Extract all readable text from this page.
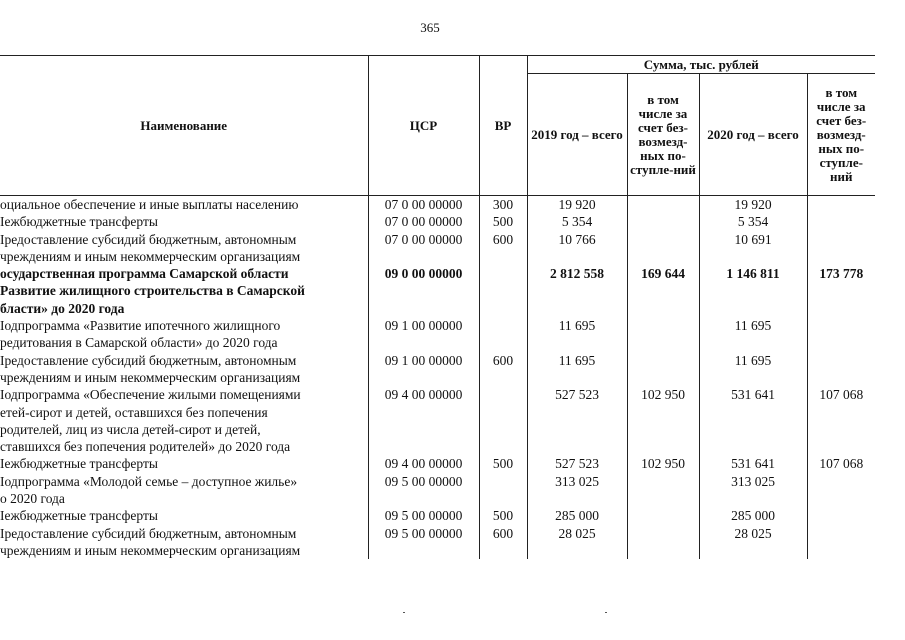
365
Наименование	ЦСР	ВР	Сумма, тыс. рублей			
			2019 год – всего	в том числе за счет без-возмезд-ных по-ступле-ний	2020 год – всего	в том числе за счет без-возмезд-ных по-ступле-ний

оциальное обеспечение и иные выплаты населению	07 0 00 00000	300	19 920		19 920	

Іежбюджетные трансферты	07 0 00 00000	500	5 354		5 354	

Іредоставление субсидий бюджетным, автономным
чреждениям и иным некоммерческим организациям	07 0 00 00000	600	10 766		10 691	

осударственная программа Самарской области
Развитие жилищного строительства в Самарской
бласти» до 2020 года	09 0 00 00000		2 812 558	169 644	1 146 811	173 778

Іодпрограмма «Развитие ипотечного жилищного
редитования в Самарской области» до 2020 года	09 1 00 00000		11 695		11 695	

Іредоставление субсидий бюджетным, автономным
чреждениям и иным некоммерческим организациям	09 1 00 00000	600	11 695		11 695	

Іодпрограмма «Обеспечение жилыми помещениями
етей-сирот и детей, оставшихся без попечения
родителей, лиц из числа детей-сирот и детей,
ставшихся без попечения родителей» до 2020 года	09 4 00 00000		527 523	102 950	531 641	107 068

Іежбюджетные трансферты	09 4 00 00000	500	527 523	102 950	531 641	107 068

Іодпрограмма «Молодой семье – доступное жилье»
о 2020 года	09 5 00 00000		313 025		313 025	

Іежбюджетные трансферты	09 5 00 00000	500	285 000		285 000	

Іредоставление субсидий бюджетным, автономным
чреждениям и иным некоммерческим организациям	09 5 00 00000	600	28 025		28 025	
